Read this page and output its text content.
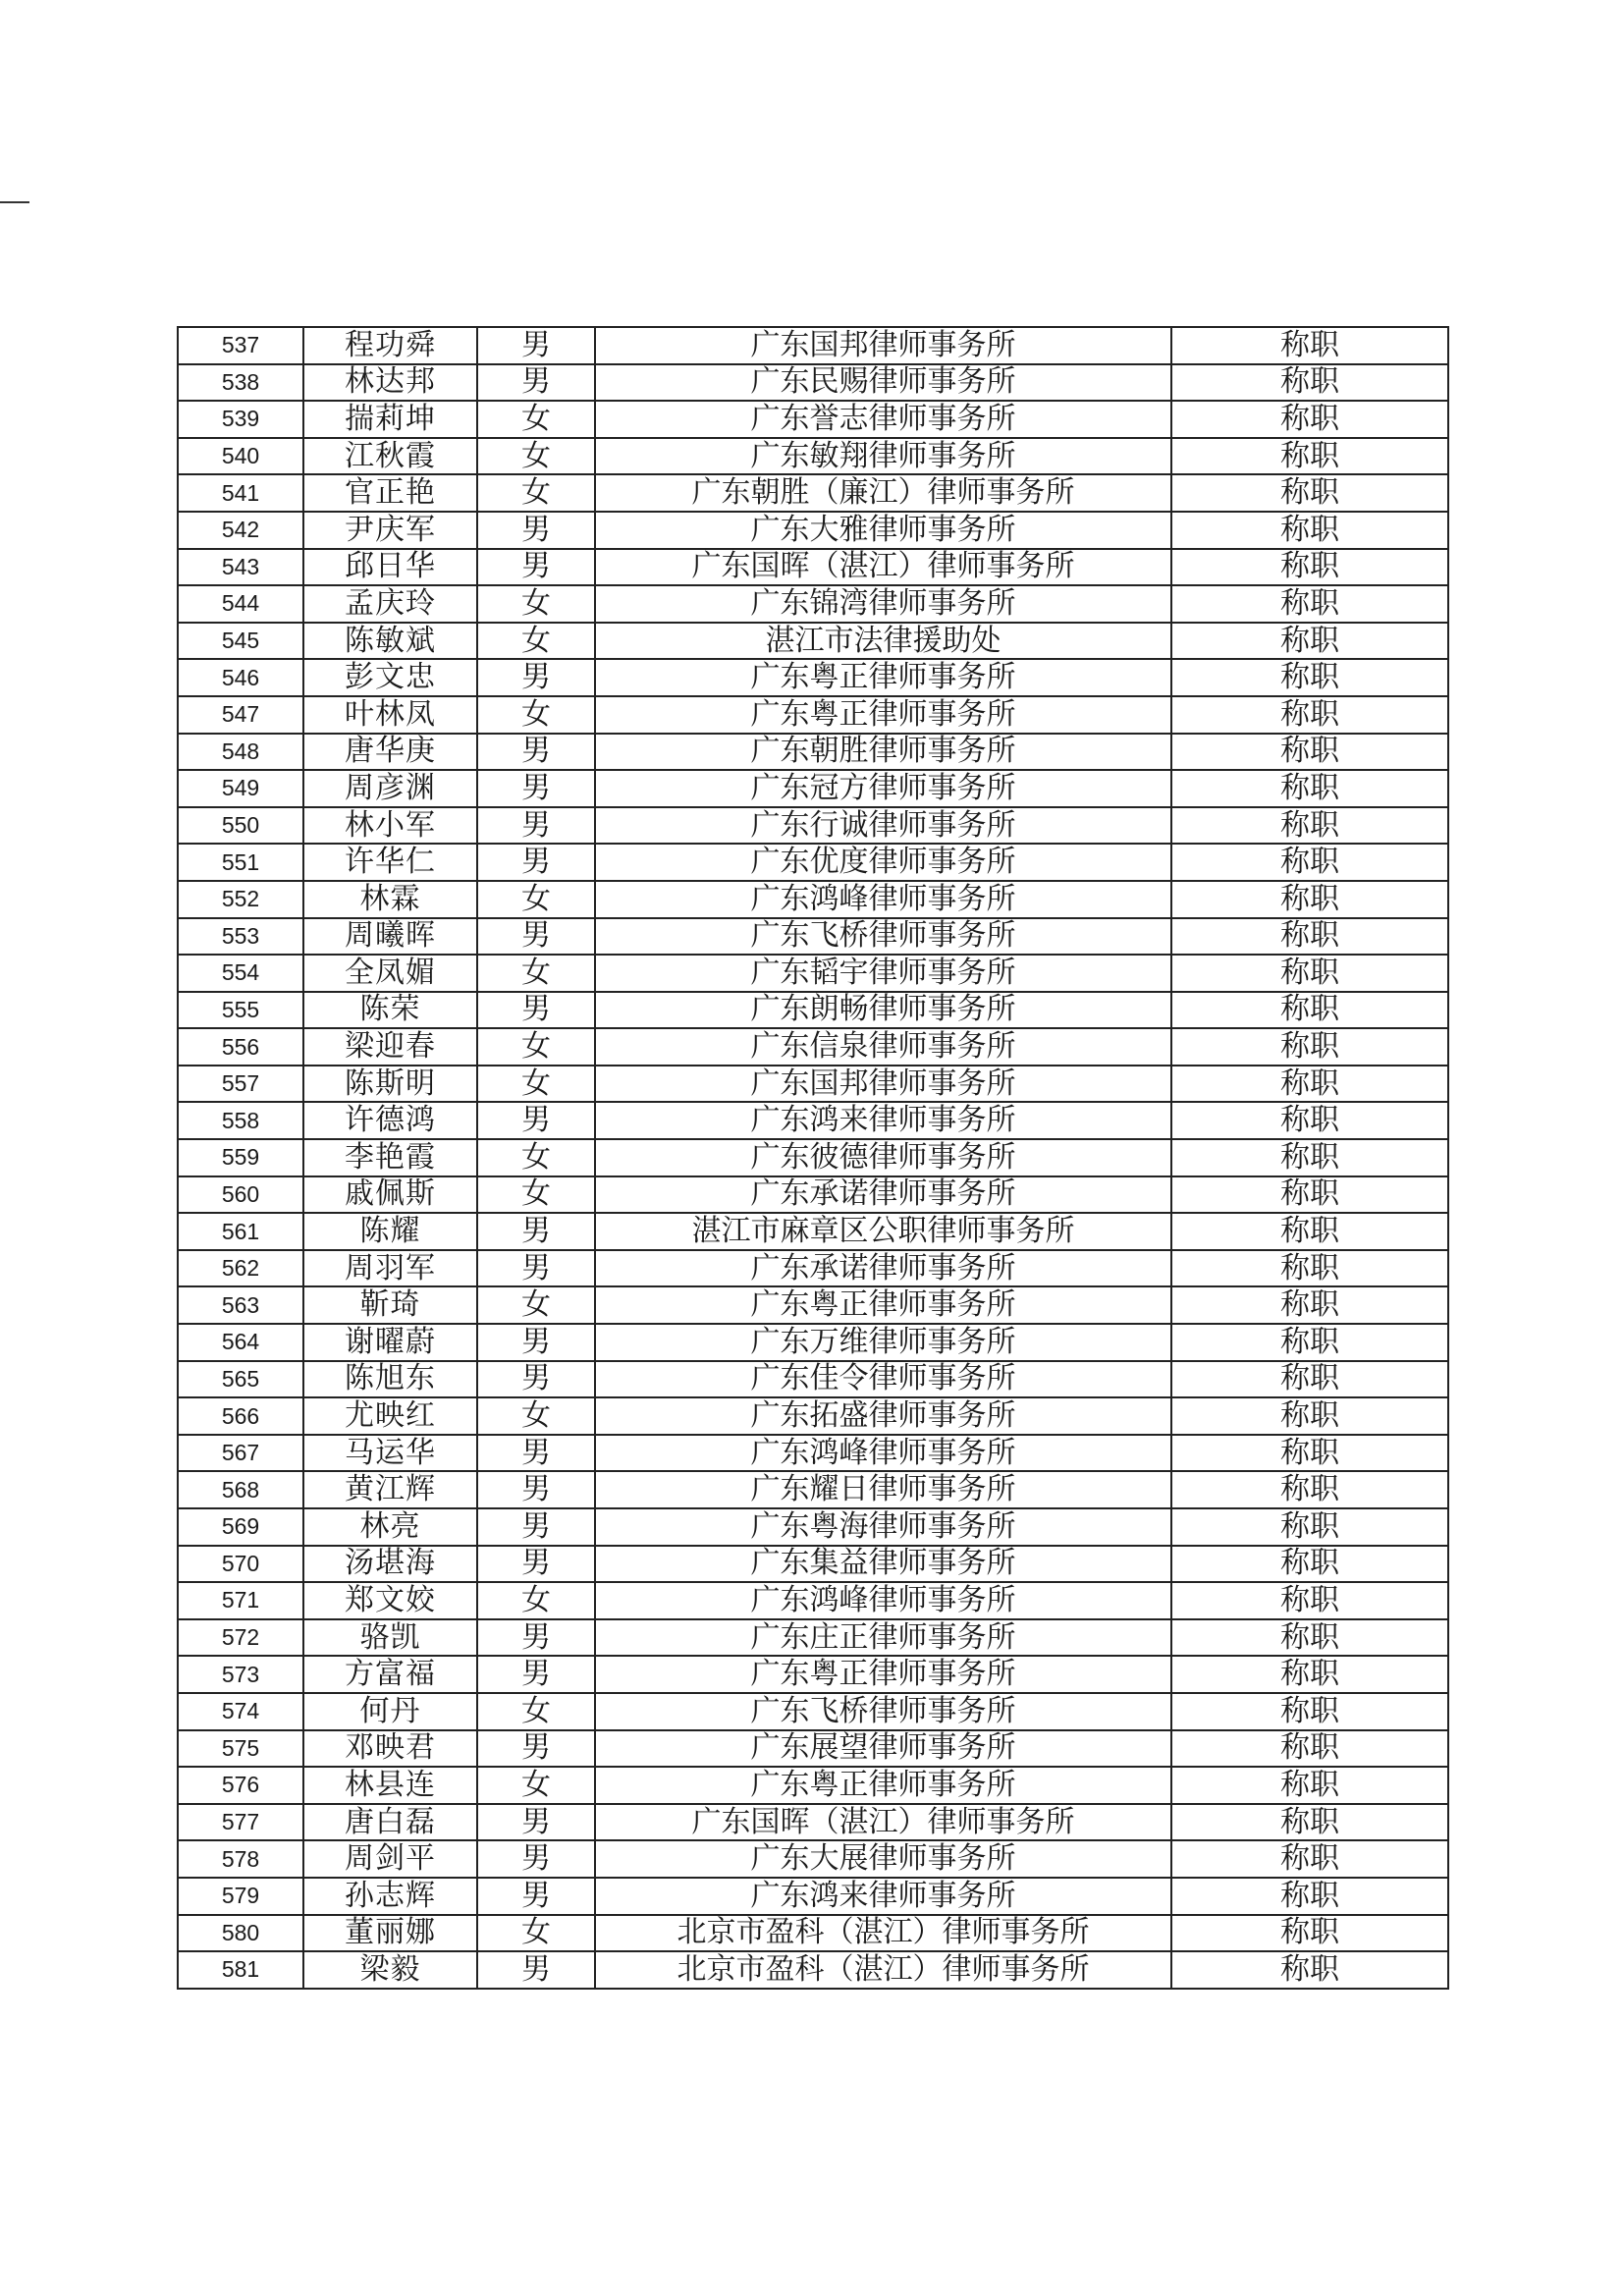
537	程功舜	男	广东国邦律师事务所	称职
538	林达邦	男	广东民赐律师事务所	称职
539	揣莉坤	女	广东誉志律师事务所	称职
540	江秋霞	女	广东敏翔律师事务所	称职
541	官正艳	女	广东朝胜（廉江）律师事务所	称职
542	尹庆军	男	广东大雅律师事务所	称职
543	邱日华	男	广东国晖（湛江）律师事务所	称职
544	孟庆玲	女	广东锦湾律师事务所	称职
545	陈敏斌	女	湛江市法律援助处	称职
546	彭文忠	男	广东粤正律师事务所	称职
547	叶林凤	女	广东粤正律师事务所	称职
548	唐华庚	男	广东朝胜律师事务所	称职
549	周彦渊	男	广东冠方律师事务所	称职
550	林小军	男	广东行诚律师事务所	称职
551	许华仁	男	广东优度律师事务所	称职
552	林霖	女	广东鸿峰律师事务所	称职
553	周曦晖	男	广东飞桥律师事务所	称职
554	全凤媚	女	广东韬宇律师事务所	称职
555	陈荣	男	广东朗畅律师事务所	称职
556	梁迎春	女	广东信泉律师事务所	称职
557	陈斯明	女	广东国邦律师事务所	称职
558	许德鸿	男	广东鸿来律师事务所	称职
559	李艳霞	女	广东彼德律师事务所	称职
560	戚佩斯	女	广东承诺律师事务所	称职
561	陈耀	男	湛江市麻章区公职律师事务所	称职
562	周羽军	男	广东承诺律师事务所	称职
563	靳琦	女	广东粤正律师事务所	称职
564	谢曜蔚	男	广东万维律师事务所	称职
565	陈旭东	男	广东佳令律师事务所	称职
566	尤映红	女	广东拓盛律师事务所	称职
567	马运华	男	广东鸿峰律师事务所	称职
568	黄江辉	男	广东耀日律师事务所	称职
569	林亮	男	广东粤海律师事务所	称职
570	汤堪海	男	广东集益律师事务所	称职
571	郑文姣	女	广东鸿峰律师事务所	称职
572	骆凯	男	广东庄正律师事务所	称职
573	方富福	男	广东粤正律师事务所	称职
574	何丹	女	广东飞桥律师事务所	称职
575	邓映君	男	广东展望律师事务所	称职
576	林县连	女	广东粤正律师事务所	称职
577	唐白磊	男	广东国晖（湛江）律师事务所	称职
578	周剑平	男	广东大展律师事务所	称职
579	孙志辉	男	广东鸿来律师事务所	称职
580	董丽娜	女	北京市盈科（湛江）律师事务所	称职
581	梁毅	男	北京市盈科（湛江）律师事务所	称职
